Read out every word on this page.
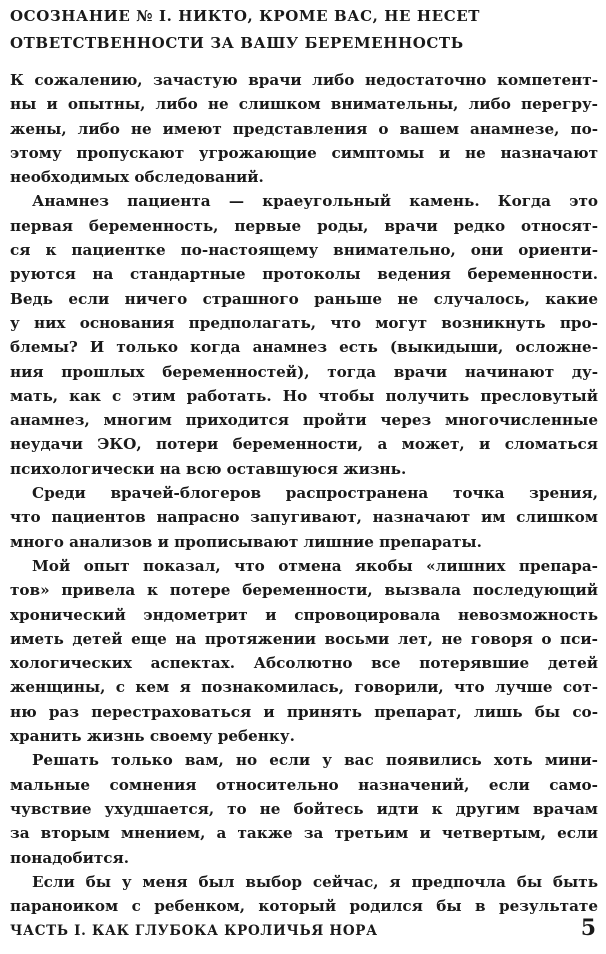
ОСОЗНАНИЕ № I. НИКТО, КРОМЕ ВАС, НЕ НЕСЕТ
ОТВЕТСТВЕННОСТИ ЗА ВАШУ БЕРЕМЕННОСТЬ
К сожалению, зачастую врачи либо недостаточно компетент-
ны и опытны, либо не слишком внимательны, либо перегру-
жены, либо не имеют представления о вашем анамнезе, по-
этому пропускают угрожающие симптомы и не назначают
необходимых обследований.
Анамнез пациента — краеугольный камень. Когда это
первая беременность, первые роды, врачи редко относят-
ся к пациентке по-настоящему внимательно, они ориенти-
руются на стандартные протоколы ведения беременности.
Ведь если ничего страшного раньше не случалось, какие
у них основания предполагать, что могут возникнуть про-
блемы? И только когда анамнез есть (выкидыши, осложне-
ния прошлых беременностей), тогда врачи начинают ду-
мать, как с этим работать. Но чтобы получить пресловутый
анамнез, многим приходится пройти через многочисленные
неудачи ЭКО, потери беременности, а может, и сломаться
психологически на всю оставшуюся жизнь.
Среди врачей-блогеров распространена точка зрения,
что пациентов напрасно запугивают, назначают им слишком
много анализов и прописывают лишние препараты.
Мой опыт показал, что отмена якобы «лишних препара-
тов» привела к потере беременности, вызвала последующий
хронический эндометрит и спровоцировала невозможность
иметь детей еще на протяжении восьми лет, не говоря о пси-
хологических аспектах. Абсолютно все потерявшие детей
женщины, с кем я познакомилась, говорили, что лучше сот-
ню раз перестраховаться и принять препарат, лишь бы со-
хранить жизнь своему ребенку.
Решать только вам, но если у вас появились хоть мини-
мальные сомнения относительно назначений, если само-
чувствие ухудшается, то не бойтесь идти к другим врачам
за вторым мнением, а также за третьим и четвертым, если
понадобится.
Если бы у меня был выбор сейчас, я предпочла бы быть
параноиком с ребенком, который родился бы в результате
ЧАСТЬ I. КАК ГЛУБОКА КРОЛИЧЬЯ НОРА	5
